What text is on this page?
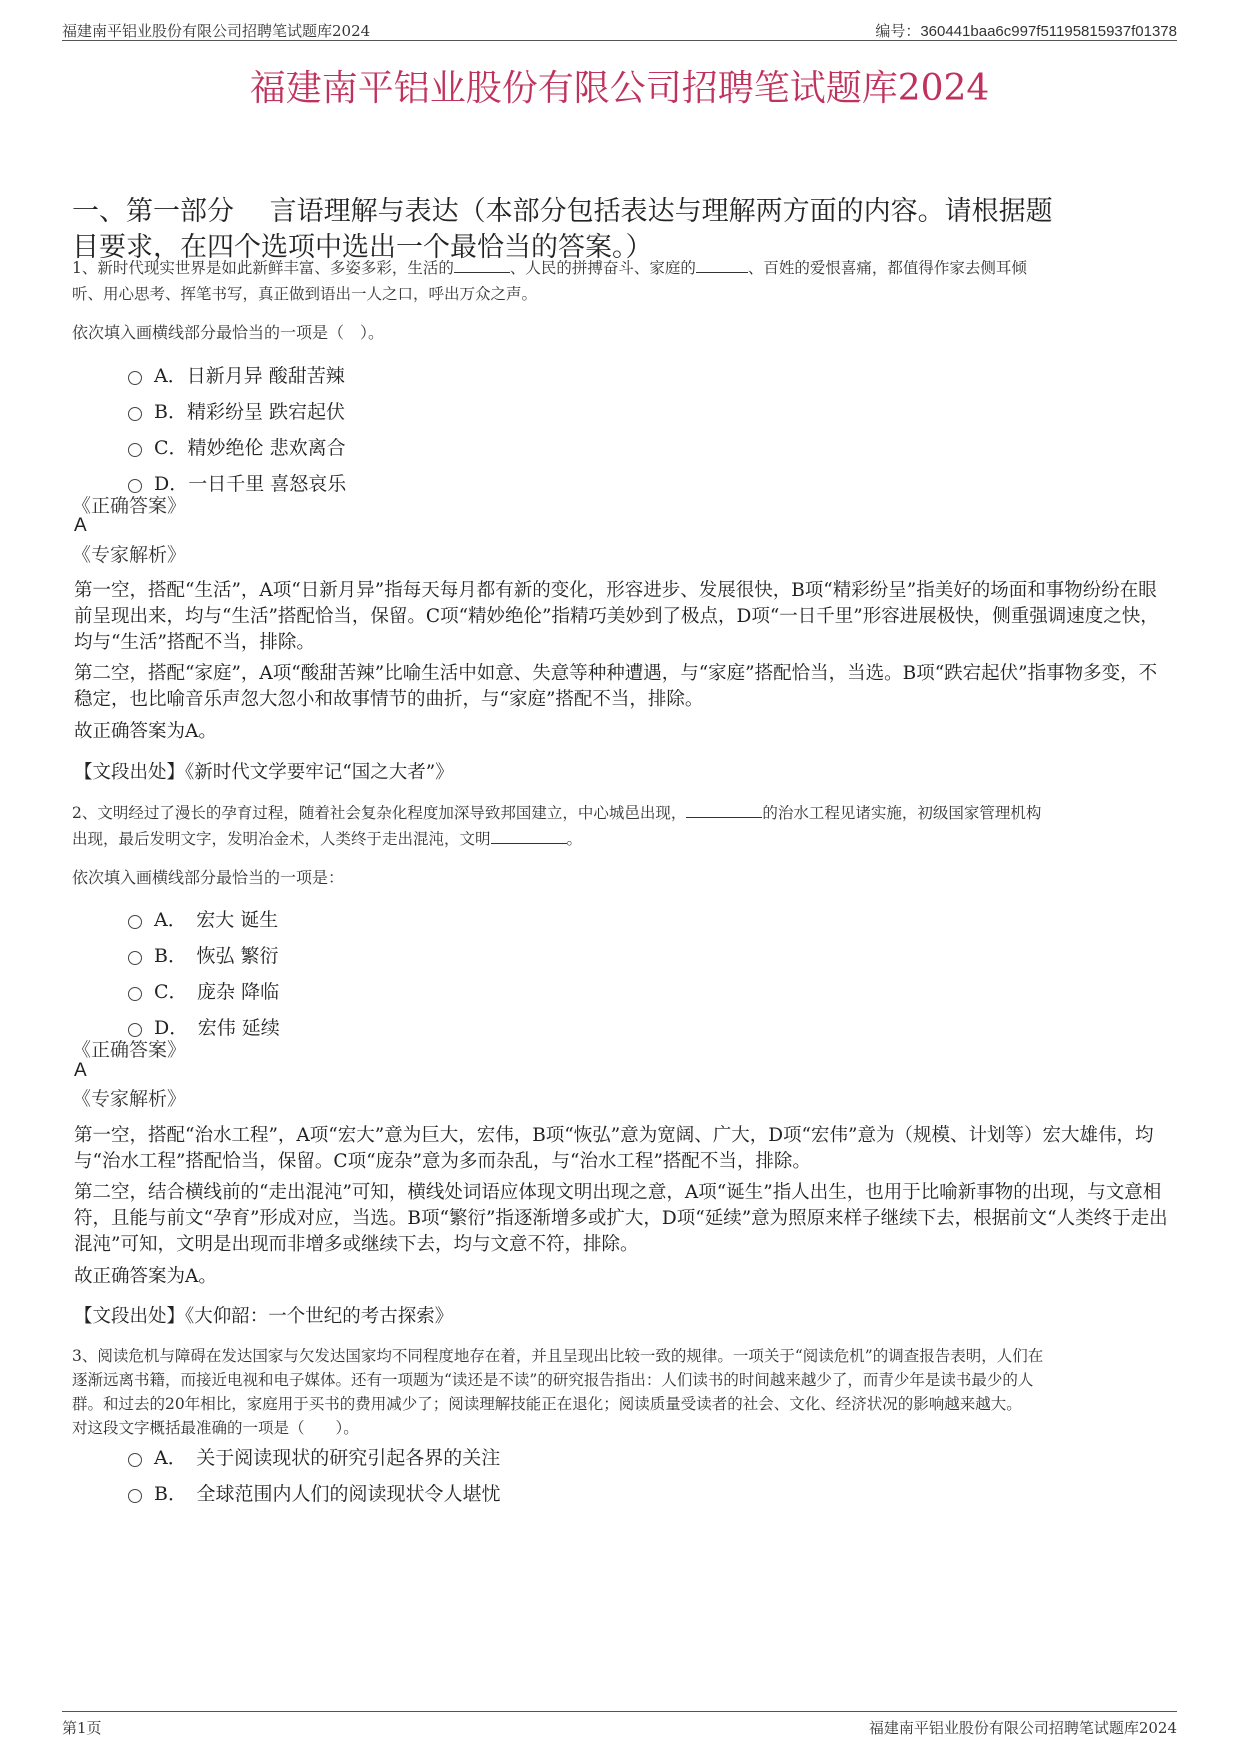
福建南平铝业股份有限公司招聘笔试题库2024	编号：360441baa6c997f51195815937f01378
福建南平铝业股份有限公司招聘笔试题库2024
一、第一部分　 言语理解与表达（本部分包括表达与理解两方面的内容。请根据题
目要求，在四个选项中选出一个最恰当的答案。）
1、新时代现实世界是如此新鲜丰富、多姿多彩，生活的	、人民的拼搏奋斗、家庭的	、百姓的爱恨喜痛，都值得作家去侧耳倾
听、用心思考、挥笔书写，真正做到语出一人之口，呼出万众之声。
依次填入画横线部分最恰当的一项是（　）。
A．日新月异 酸甜苦辣
B．精彩纷呈 跌宕起伏
C．精妙绝伦 悲欢离合
D．一日千里 喜怒哀乐
《正确答案》
A
《专家解析》
第一空，搭配“生活”，A项“日新月异”指每天每月都有新的变化，形容进步、发展很快，B项“精彩纷呈”指美好的场面和事物纷纷在眼前呈现出来，均与“生活”搭配恰当，保留。C项“精妙绝伦”指精巧美妙到了极点，D项“一日千里”形容进展极快，侧重强调速度之快，均与“生活”搭配不当，排除。
第二空，搭配“家庭”，A项“酸甜苦辣”比喻生活中如意、失意等种种遭遇，与“家庭”搭配恰当，当选。B项“跌宕起伏”指事物多变，不稳定，也比喻音乐声忽大忽小和故事情节的曲折，与“家庭”搭配不当，排除。
故正确答案为A。
【文段出处】《新时代文学要牢记“国之大者”》
2、文明经过了漫长的孕育过程，随着社会复杂化程度加深导致邦国建立，中心城邑出现，	的治水工程见诸实施，初级国家管理机构
出现，最后发明文字，发明冶金术，人类终于走出混沌，文明	。
依次填入画横线部分最恰当的一项是：
A．　宏大 诞生
B．　恢弘 繁衍
C．　庞杂 降临
D．　宏伟 延续
《正确答案》
A
《专家解析》
第一空，搭配“治水工程”，A项“宏大”意为巨大，宏伟，B项“恢弘”意为宽阔、广大，D项“宏伟”意为（规模、计划等）宏大雄伟，均与“治水工程”搭配恰当，保留。C项“庞杂”意为多而杂乱，与“治水工程”搭配不当，排除。
第二空，结合横线前的“走出混沌”可知，横线处词语应体现文明出现之意，A项“诞生”指人出生，也用于比喻新事物的出现，与文意相符，且能与前文“孕育”形成对应，当选。B项“繁衍”指逐渐增多或扩大，D项“延续”意为照原来样子继续下去，根据前文“人类终于走出混沌”可知，文明是出现而非增多或继续下去，均与文意不符，排除。
故正确答案为A。
【文段出处】《大仰韶：一个世纪的考古探索》
3、阅读危机与障碍在发达国家与欠发达国家均不同程度地存在着，并且呈现出比较一致的规律。一项关于“阅读危机”的调查报告表明，人们在
逐渐远离书籍，而接近电视和电子媒体。还有一项题为“读还是不读”的研究报告指出：人们读书的时间越来越少了，而青少年是读书最少的人
群。和过去的20年相比，家庭用于买书的费用减少了；阅读理解技能正在退化；阅读质量受读者的社会、文化、经济状况的影响越来越大。
对这段文字概括最准确的一项是（　　）。
A．　关于阅读现状的研究引起各界的关注
B．　全球范围内人们的阅读现状令人堪忧
第1页	福建南平铝业股份有限公司招聘笔试题库2024
